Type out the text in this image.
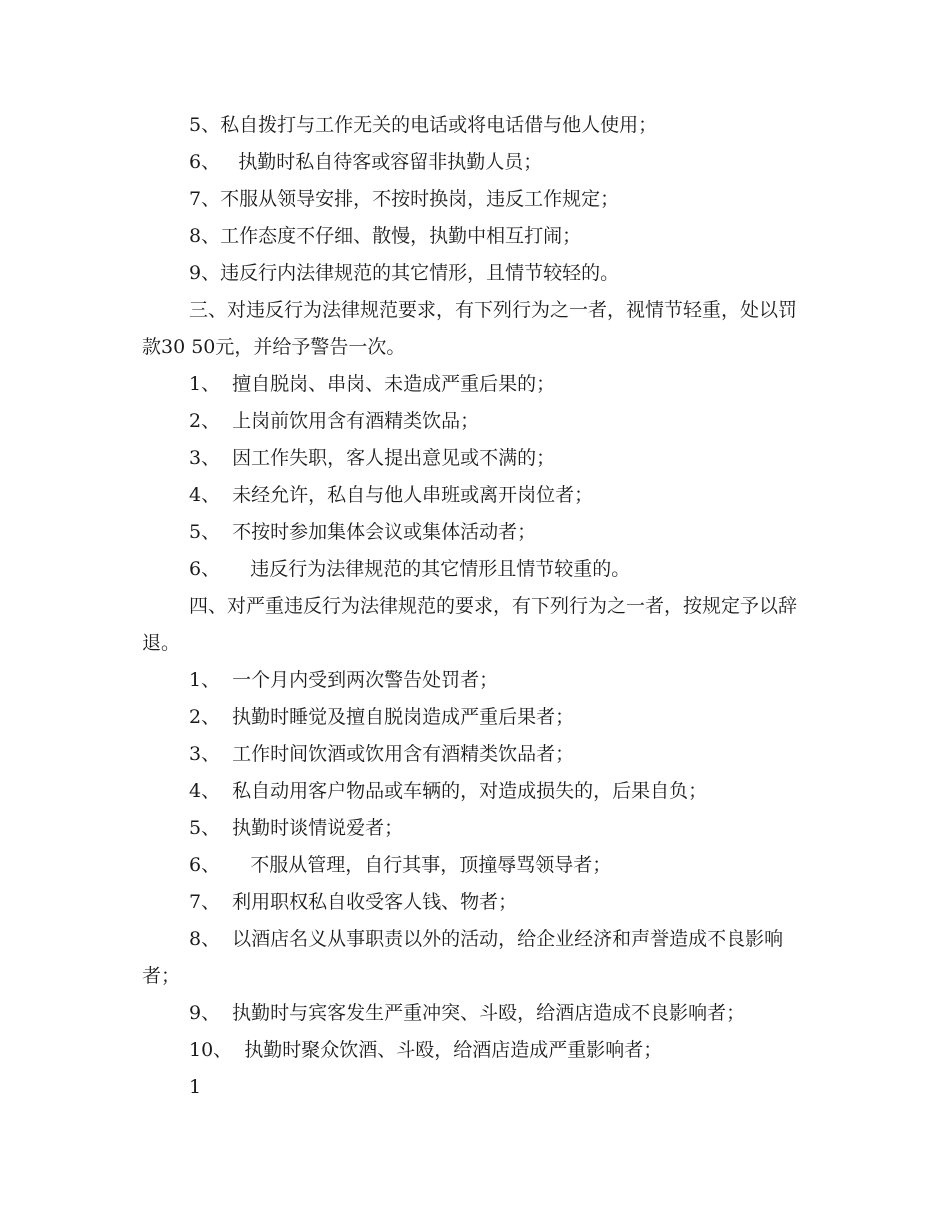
5、私自拨打与工作无关的电话或将电话借与他人使用；

6、   执勤时私自待客或容留非执勤人员；

7、不服从领导安排，不按时换岗，违反工作规定；

8、工作态度不仔细、散慢，执勤中相互打闹；

9、违反行内法律规范的其它情形，且情节较轻的。

三、对违反行为法律规范要求，有下列行为之一者，视情节轻重，处以罚款30 50元，并给予警告一次。

1、  擅自脱岗、串岗、未造成严重后果的；

2、  上岗前饮用含有酒精类饮品；

3、  因工作失职，客人提出意见或不满的；

4、  未经允许，私自与他人串班或离开岗位者；

5、  不按时参加集体会议或集体活动者；

6、     违反行为法律规范的其它情形且情节较重的。

四、对严重违反行为法律规范的要求，有下列行为之一者，按规定予以辞退。

1、  一个月内受到两次警告处罚者；

2、  执勤时睡觉及擅自脱岗造成严重后果者；

3、  工作时间饮酒或饮用含有酒精类饮品者；

4、  私自动用客户物品或车辆的，对造成损失的，后果自负；

5、  执勤时谈情说爱者；

6、     不服从管理，自行其事，顶撞辱骂领导者；

7、  利用职权私自收受客人钱、物者；

8、  以酒店名义从事职责以外的活动，给企业经济和声誉造成不良影响者；

9、  执勤时与宾客发生严重冲突、斗殴，给酒店造成不良影响者；

10、  执勤时聚众饮酒、斗殴，给酒店造成严重影响者；

1
